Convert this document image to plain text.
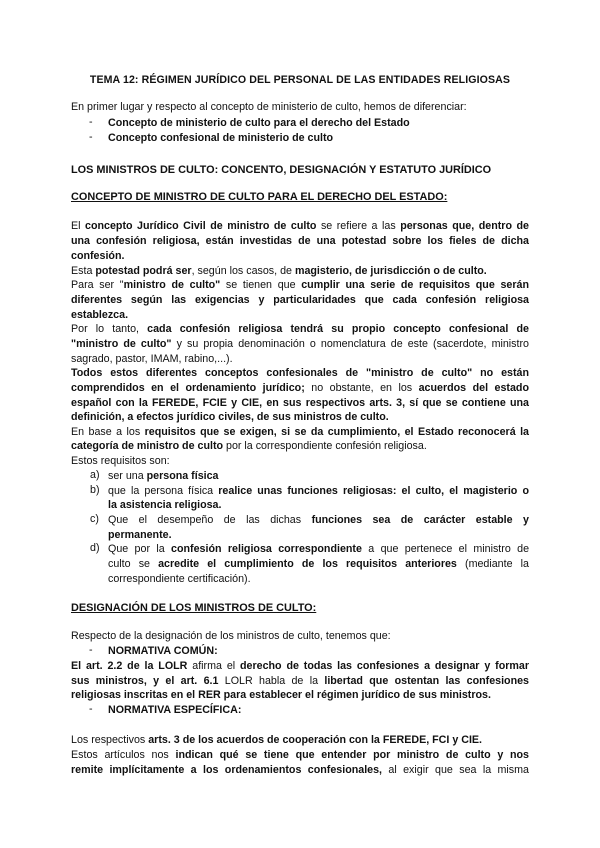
TEMA 12: RÉGIMEN JURÍDICO DEL PERSONAL DE LAS ENTIDADES RELIGIOSAS
En primer lugar y respecto al concepto de ministerio de culto, hemos de diferenciar:
- Concepto de ministerio de culto para el derecho del Estado
- Concepto confesional de ministerio de culto
LOS MINISTROS DE CULTO: CONCENTO, DESIGNACIÓN Y ESTATUTO JURÍDICO
CONCEPTO DE MINISTRO DE CULTO PARA EL DERECHO DEL ESTADO:
El concepto Jurídico Civil de ministro de culto se refiere a las personas que, dentro de
una confesión religiosa, están investidas de una potestad sobre los fieles de dicha
confesión.
Esta potestad podrá ser, según los casos, de magisterio, de jurisdicción o de culto.
Para ser "ministro de culto" se tienen que cumplir una serie de requisitos que serán
diferentes según las exigencias y particularidades que cada confesión religiosa
establezca.
Por lo tanto, cada confesión religiosa tendrá su propio concepto confesional de
"ministro de culto" y su propia denominación o nomenclatura de este (sacerdote, ministro
sagrado, pastor, IMAM, rabino,...).
Todos estos diferentes conceptos confesionales de "ministro de culto" no están
comprendidos en el ordenamiento jurídico; no obstante, en los acuerdos del estado
español con la FEREDE, FCIE y CIE, en sus respectivos arts. 3, sí que se contiene una
definición, a efectos jurídico civiles, de sus ministros de culto.
En base a los requisitos que se exigen, si se da cumplimiento, el Estado reconocerá la
categoría de ministro de culto por la correspondiente confesión religiosa.
Estos requisitos son:
a) ser una persona física
b) que la persona física realice unas funciones religiosas: el culto, el magisterio o
la asistencia religiosa.
c) Que el desempeño de las dichas funciones sea de carácter estable y
permanente.
d) Que por la confesión religiosa correspondiente a que pertenece el ministro de
culto se acredite el cumplimiento de los requisitos anteriores (mediante la
correspondiente certificación).
DESIGNACIÓN DE LOS MINISTROS DE CULTO:
Respecto de la designación de los ministros de culto, tenemos que:
- NORMATIVA COMÚN:
El art. 2.2 de la LOLR afirma el derecho de todas las confesiones a designar y formar
sus ministros, y el art. 6.1 LOLR habla de la libertad que ostentan las confesiones
religiosas inscritas en el RER para establecer el régimen jurídico de sus ministros.
- NORMATIVA ESPECÍFICA:
Los respectivos arts. 3 de los acuerdos de cooperación con la FEREDE, FCI y CIE.
Estos artículos nos indican qué se tiene que entender por ministro de culto y nos
remite implícitamente a los ordenamientos confesionales, al exigir que sea la misma
